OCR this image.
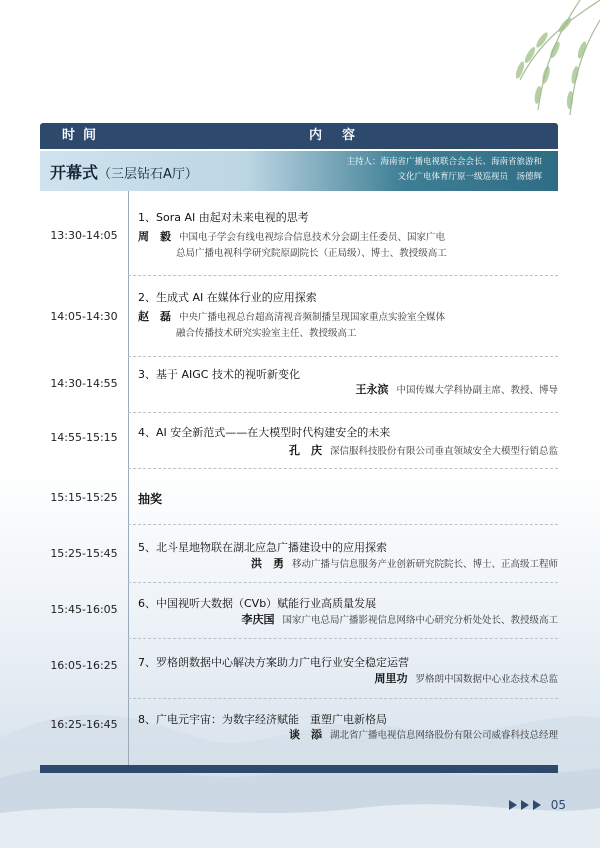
时间	内容
开幕式（三层钻石A厅）
主持人：海南省广播电视联合会会长、海南省旅游和
文化广电体育厅原一级巡视员　汤德辉
13:30-14:05
1、Sora AI 由起对未来电视的思考
周　毅 中国电子学会有线电视综合信息技术分会副主任委员、国家广电
总局广播电视科学研究院原副院长（正局级）、博士、教授级高工
14:05-14:30
2、生成式 AI 在媒体行业的应用探索
赵　磊 中央广播电视总台超高清视音频制播呈现国家重点实验室全媒体
融合传播技术研究实验室主任、教授级高工
14:30-14:55
3、基于 AIGC 技术的视听新变化
王永滨 中国传媒大学科协副主席、教授、博导
14:55-15:15	4、AI 安全新范式——在大模型时代构建安全的未来
孔　庆 深信服科技股份有限公司垂直领域安全大模型行销总监
15:15-15:25	抽奖
15:25-15:45	5、北斗星地物联在湖北应急广播建设中的应用探索
洪　勇 移动广播与信息服务产业创新研究院院长、博士、正高级工程师
15:45-16:05	6、中国视听大数据（CVb）赋能行业高质量发展
李庆国 国家广电总局广播影视信息网络中心研究分析处处长、教授级高工
16:05-16:25	7、罗格朗数据中心解决方案助力广电行业安全稳定运营
周里功 罗格朗中国数据中心业态技术总监
16:25-16:45	8、广电元宇宙：为数字经济赋能　重塑广电新格局
谈　添 湖北省广播电视信息网络股份有限公司威睿科技总经理
05
